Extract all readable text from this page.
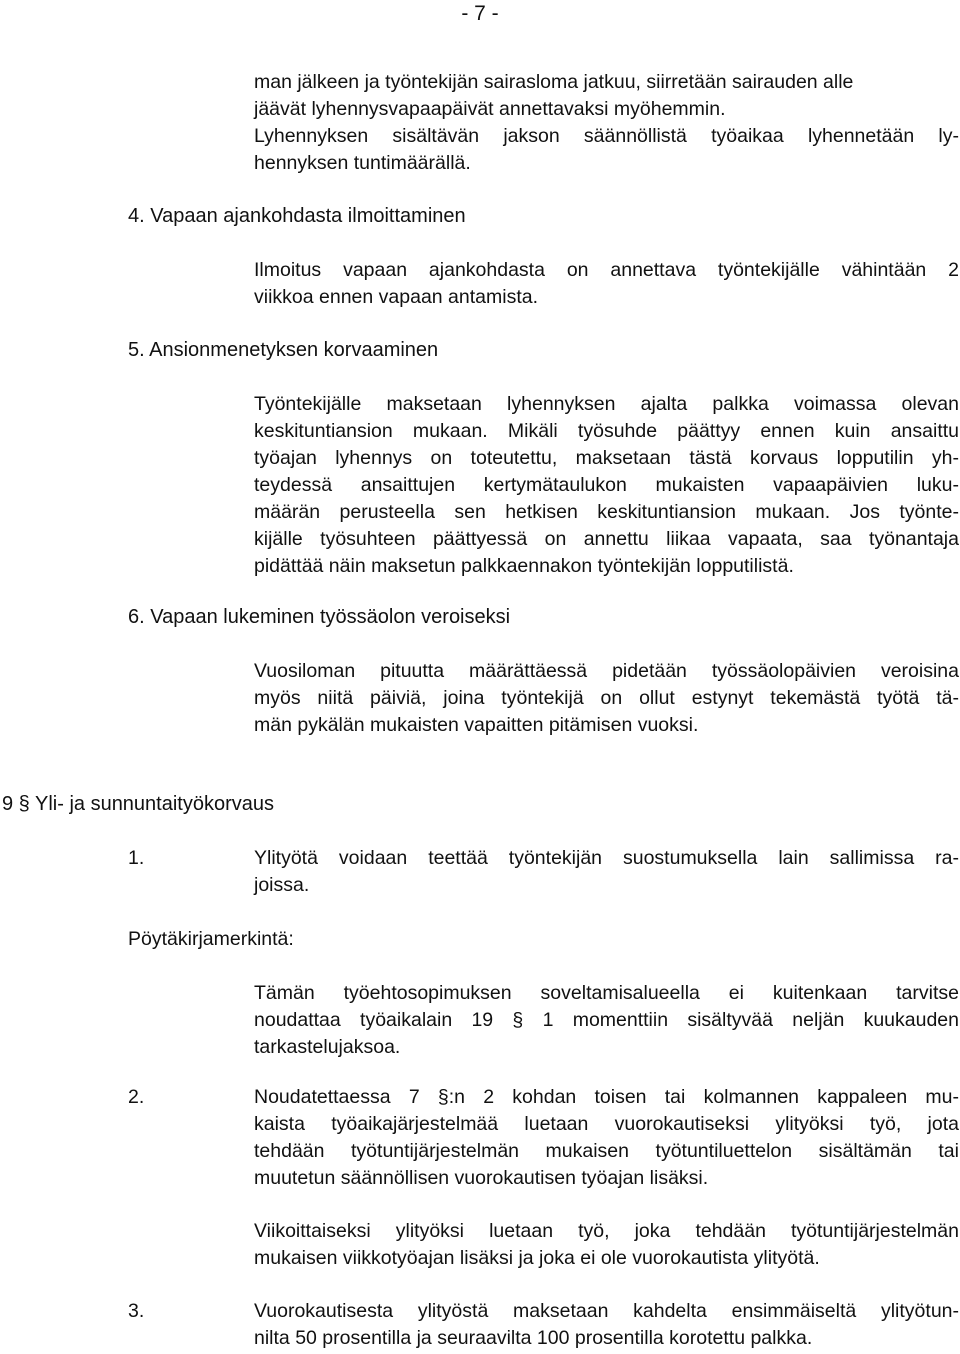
- 7 -
man jälkeen ja työntekijän sairasloma jatkuu, siirretään sairauden alle
jäävät lyhennysvapaapäivät annettavaksi myöhemmin.
Lyhennyksen sisältävän jakson säännöllistä työaikaa lyhennetään ly-
hennyksen tuntimäärällä.
4. Vapaan ajankohdasta ilmoittaminen
Ilmoitus vapaan ajankohdasta on annettava työntekijälle vähintään 2
viikkoa ennen vapaan antamista.
5. Ansionmenetyksen korvaaminen
Työntekijälle maksetaan lyhennyksen ajalta palkka voimassa olevan
keskituntiansion mukaan. Mikäli työsuhde päättyy ennen kuin ansaittu
työajan lyhennys on toteutettu, maksetaan tästä korvaus lopputilin yh-
teydessä ansaittujen kertymätaulukon mukaisten vapaapäivien luku-
määrän perusteella sen hetkisen keskituntiansion mukaan. Jos työnte-
kijälle työsuhteen päättyessä on annettu liikaa vapaata, saa työnantaja
pidättää näin maksetun palkkaennakon työntekijän lopputilistä.
6. Vapaan lukeminen työssäolon veroiseksi
Vuosiloman pituutta määrättäessä pidetään työssäolopäivien veroisina
myös niitä päiviä, joina työntekijä on ollut estynyt tekemästä työtä tä-
män pykälän mukaisten vapaitten pitämisen vuoksi.
9 § Yli- ja sunnuntaityökorvaus
1.	Ylityötä voidaan teettää työntekijän suostumuksella lain sallimissa ra-
joissa.
Pöytäkirjamerkintä:
Tämän työehtosopimuksen soveltamisalueella ei kuitenkaan tarvitse
noudattaa työaikalain 19 § 1 momenttiin sisältyvää neljän kuukauden
tarkastelujaksoa.
2.	Noudatettaessa 7 §:n 2 kohdan toisen tai kolmannen kappaleen mu-
kaista työaikajärjestelmää luetaan vuorokautiseksi ylityöksi työ, jota
tehdään työtuntijärjestelmän mukaisen työtuntiluettelon sisältämän tai
muutetun säännöllisen vuorokautisen työajan lisäksi.
Viikoittaiseksi ylityöksi luetaan työ, joka tehdään työtuntijärjestelmän
mukaisen viikkotyöajan lisäksi ja joka ei ole vuorokautista ylityötä.
3.	Vuorokautisesta ylityöstä maksetaan kahdelta ensimmäiseltä ylityötun-
nilta 50 prosentilla ja seuraavilta 100 prosentilla korotettu palkka.
